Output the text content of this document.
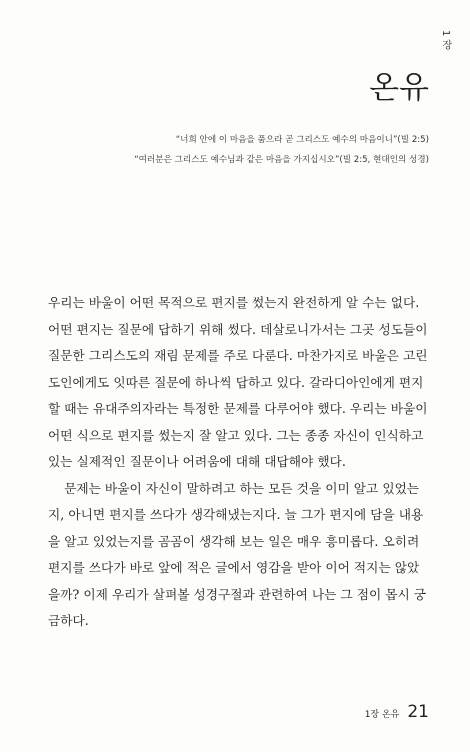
1 장
온유

“너희 안에 이 마음을 품으라 곧 그리스도 예수의 마음이니”(빌 2:5)
“여러분은 그리스도 예수님과 같은 마음을 가지십시오”(빌 2:5, 현대인의 성경)

우리는 바울이 어떤 목적으로 편지를 썼는지 완전하게 알 수는 없다.
어떤 편지는 질문에 답하기 위해 썼다. 데살로니가서는 그곳 성도들이
질문한 그리스도의 재림 문제를 주로 다룬다. 마찬가지로 바울은 고린
도인에게도 잇따른 질문에 하나씩 답하고 있다. 갈라디아인에게 편지
할 때는 유대주의자라는 특정한 문제를 다루어야 했다. 우리는 바울이
어떤 식으로 편지를 썼는지 잘 알고 있다. 그는 종종 자신이 인식하고
있는 실제적인 질문이나 어려움에 대해 대답해야 했다.
문제는 바울이 자신이 말하려고 하는 모든 것을 이미 알고 있었는
지, 아니면 편지를 쓰다가 생각해냈는지다. 늘 그가 편지에 담을 내용
을 알고 있었는지를 곰곰이 생각해 보는 일은 매우 흥미롭다. 오히려
편지를 쓰다가 바로 앞에 적은 글에서 영감을 받아 이어 적지는 않았
을까? 이제 우리가 살펴볼 성경구절과 관련하여 나는 그 점이 몹시 궁
금하다.
1장 온유 21
